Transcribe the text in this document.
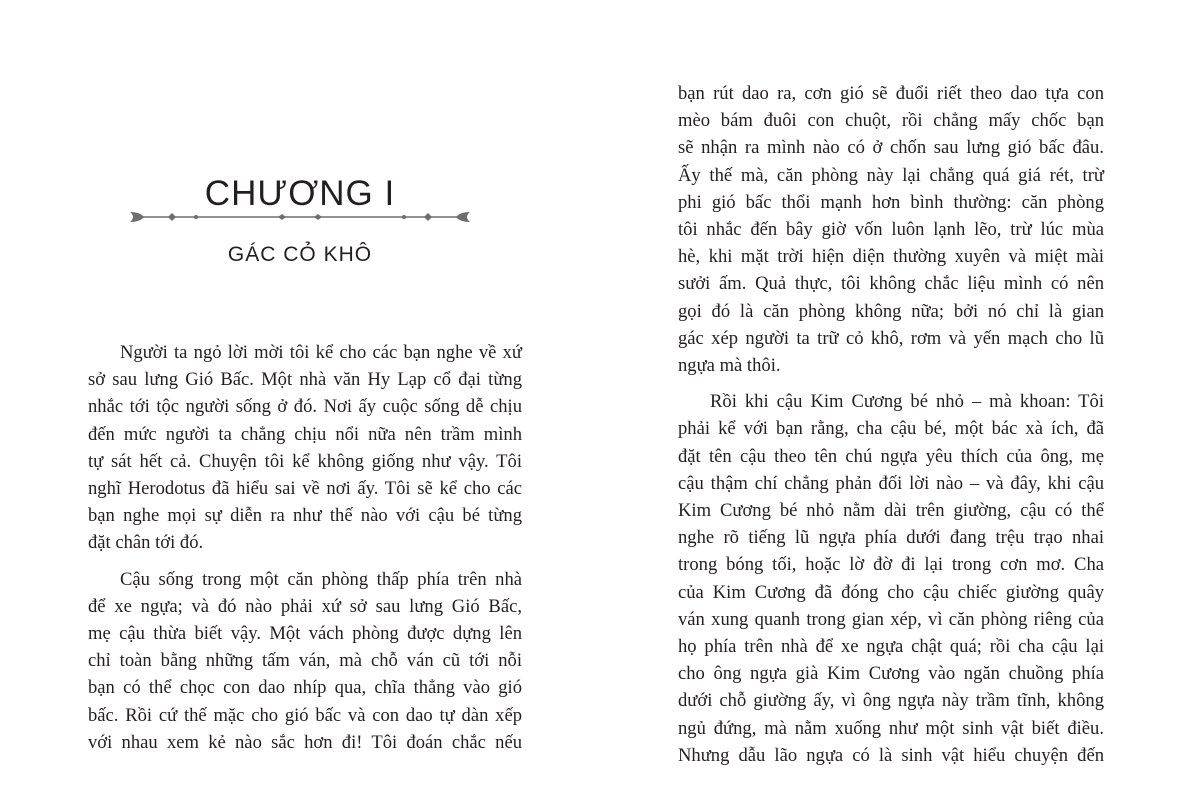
CHƯƠNG I
GÁC CỎ KHÔ
Người ta ngỏ lời mời tôi kể cho các bạn nghe về xứ
sở sau lưng Gió Bấc. Một nhà văn Hy Lạp cổ đại từng
nhắc tới tộc người sống ở đó. Nơi ấy cuộc sống dễ chịu
đến mức người ta chẳng chịu nổi nữa nên trầm mình
tự sát hết cả. Chuyện tôi kể không giống như vậy. Tôi
nghĩ Herodotus đã hiểu sai về nơi ấy. Tôi sẽ kể cho các
bạn nghe mọi sự diễn ra như thế nào với cậu bé từng
đặt chân tới đó.
Cậu sống trong một căn phòng thấp phía trên nhà
để xe ngựa; và đó nào phải xứ sở sau lưng Gió Bấc,
mẹ cậu thừa biết vậy. Một vách phòng được dựng lên
chỉ toàn bằng những tấm ván, mà chỗ ván cũ tới nỗi
bạn có thể chọc con dao nhíp qua, chĩa thẳng vào gió
bấc. Rồi cứ thế mặc cho gió bấc và con dao tự dàn xếp
với nhau xem kẻ nào sắc hơn đi! Tôi đoán chắc nếu
bạn rút dao ra, cơn gió sẽ đuổi riết theo dao tựa con
mèo bám đuôi con chuột, rồi chẳng mấy chốc bạn
sẽ nhận ra mình nào có ở chốn sau lưng gió bấc đâu.
Ấy thế mà, căn phòng này lại chẳng quá giá rét, trừ
phi gió bấc thổi mạnh hơn bình thường: căn phòng
tôi nhắc đến bây giờ vốn luôn lạnh lẽo, trừ lúc mùa
hè, khi mặt trời hiện diện thường xuyên và miệt mài
sưởi ấm. Quả thực, tôi không chắc liệu mình có nên
gọi đó là căn phòng không nữa; bởi nó chỉ là gian
gác xép người ta trữ cỏ khô, rơm và yến mạch cho lũ
ngựa mà thôi.
Rồi khi cậu Kim Cương bé nhỏ – mà khoan: Tôi
phải kể với bạn rằng, cha cậu bé, một bác xà ích, đã
đặt tên cậu theo tên chú ngựa yêu thích của ông, mẹ
cậu thậm chí chẳng phản đối lời nào – và đây, khi cậu
Kim Cương bé nhỏ nằm dài trên giường, cậu có thể
nghe rõ tiếng lũ ngựa phía dưới đang trệu trạo nhai
trong bóng tối, hoặc lờ đờ đi lại trong cơn mơ. Cha
của Kim Cương đã đóng cho cậu chiếc giường quây
ván xung quanh trong gian xép, vì căn phòng riêng của
họ phía trên nhà để xe ngựa chật quá; rồi cha cậu lại
cho ông ngựa già Kim Cương vào ngăn chuồng phía
dưới chỗ giường ấy, vì ông ngựa này trầm tĩnh, không
ngủ đứng, mà nằm xuống như một sinh vật biết điều.
Nhưng dẫu lão ngựa có là sinh vật hiểu chuyện đến
